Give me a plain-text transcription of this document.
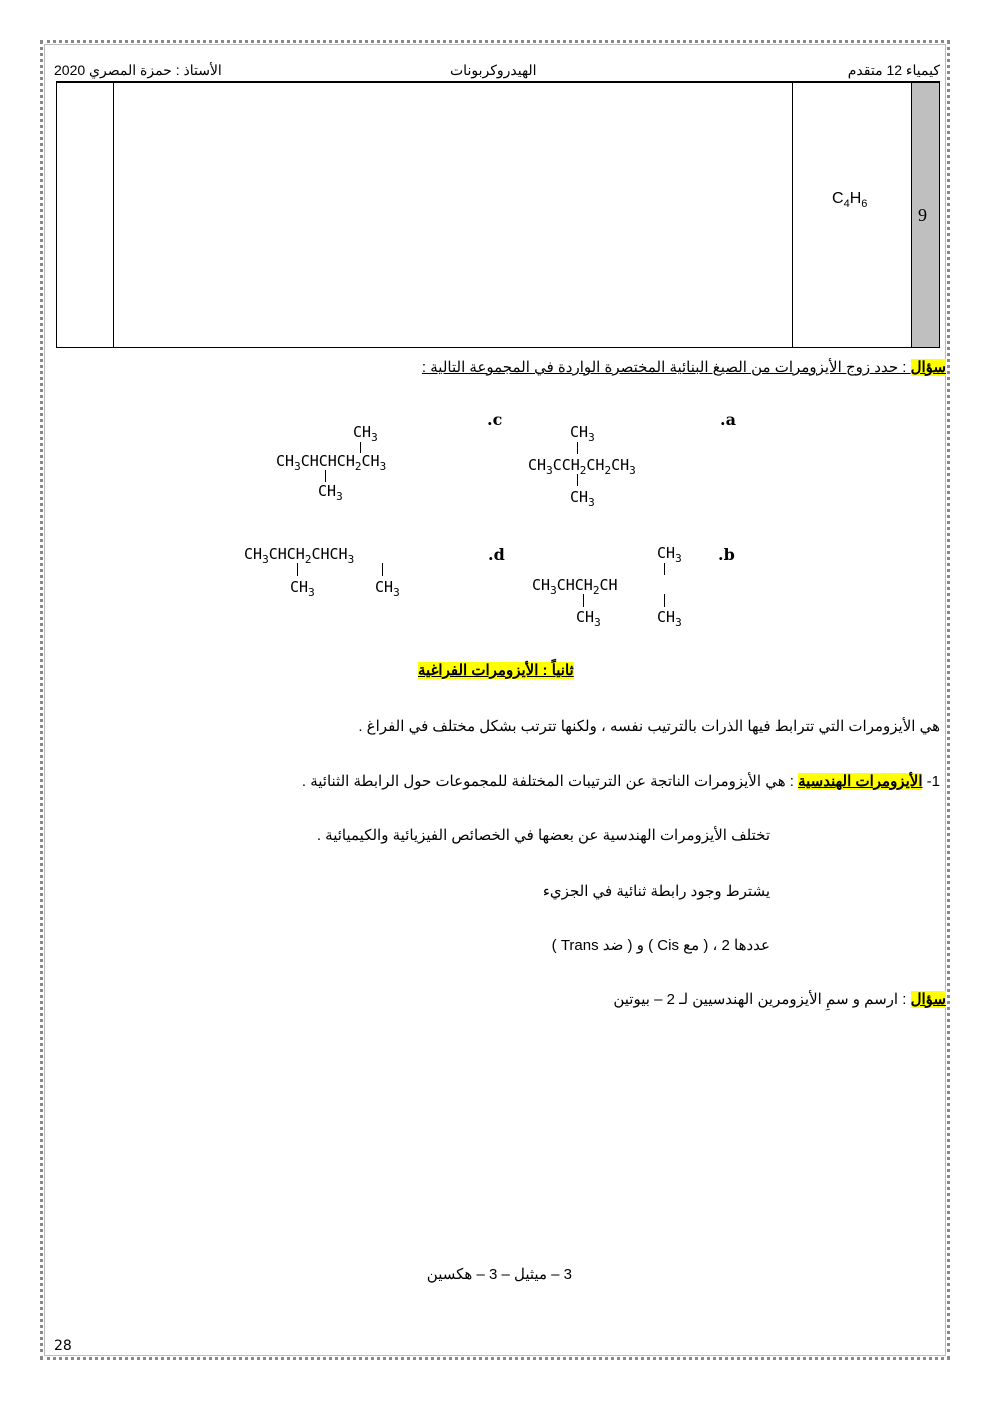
كيمياء 12 متقدم
الهيدروكربونات
الأستاذ : حمزة المصري 2020
9
$C_4H_6$
سؤال : حدد زوج الأيزومرات من الصيغ البنائية المختصرة الواردة في المجموعة التالية :
.a
$CH_3$
$CH_3CCH_2CH_2CH_3$
$CH_3$
.c
$CH_3$
$CH_3CHCHCH_2CH_3$
$CH_3$
.b
$CH_3$
$CH_3CHCH_2CH$
$CH_3$	$CH_3$
.d
$CH_3CHCH_2CHCH_3$
$CH_3$	$CH_3$
ثانياً : الأيزومرات الفراغية
هي الأيزومرات التي تترابط فيها الذرات بالترتيب نفسه ، ولكنها تترتب بشكل مختلف في الفراغ .
1- الأيزومرات الهندسية : هي الأيزومرات الناتجة عن الترتيبات المختلفة للمجموعات حول الرابطة الثنائية .
تختلف الأيزومرات الهندسية عن بعضها في الخصائص الفيزيائية والكيميائية .
يشترط وجود رابطة ثنائية في الجزيء
عددها 2 ، ( مع Cis ) و ( ضد Trans )
سؤال : ارسم و سمِ الأيزومرين الهندسيين لـ 2 – بيوتين
3 – ميثيل – 3 – هكسين
28
